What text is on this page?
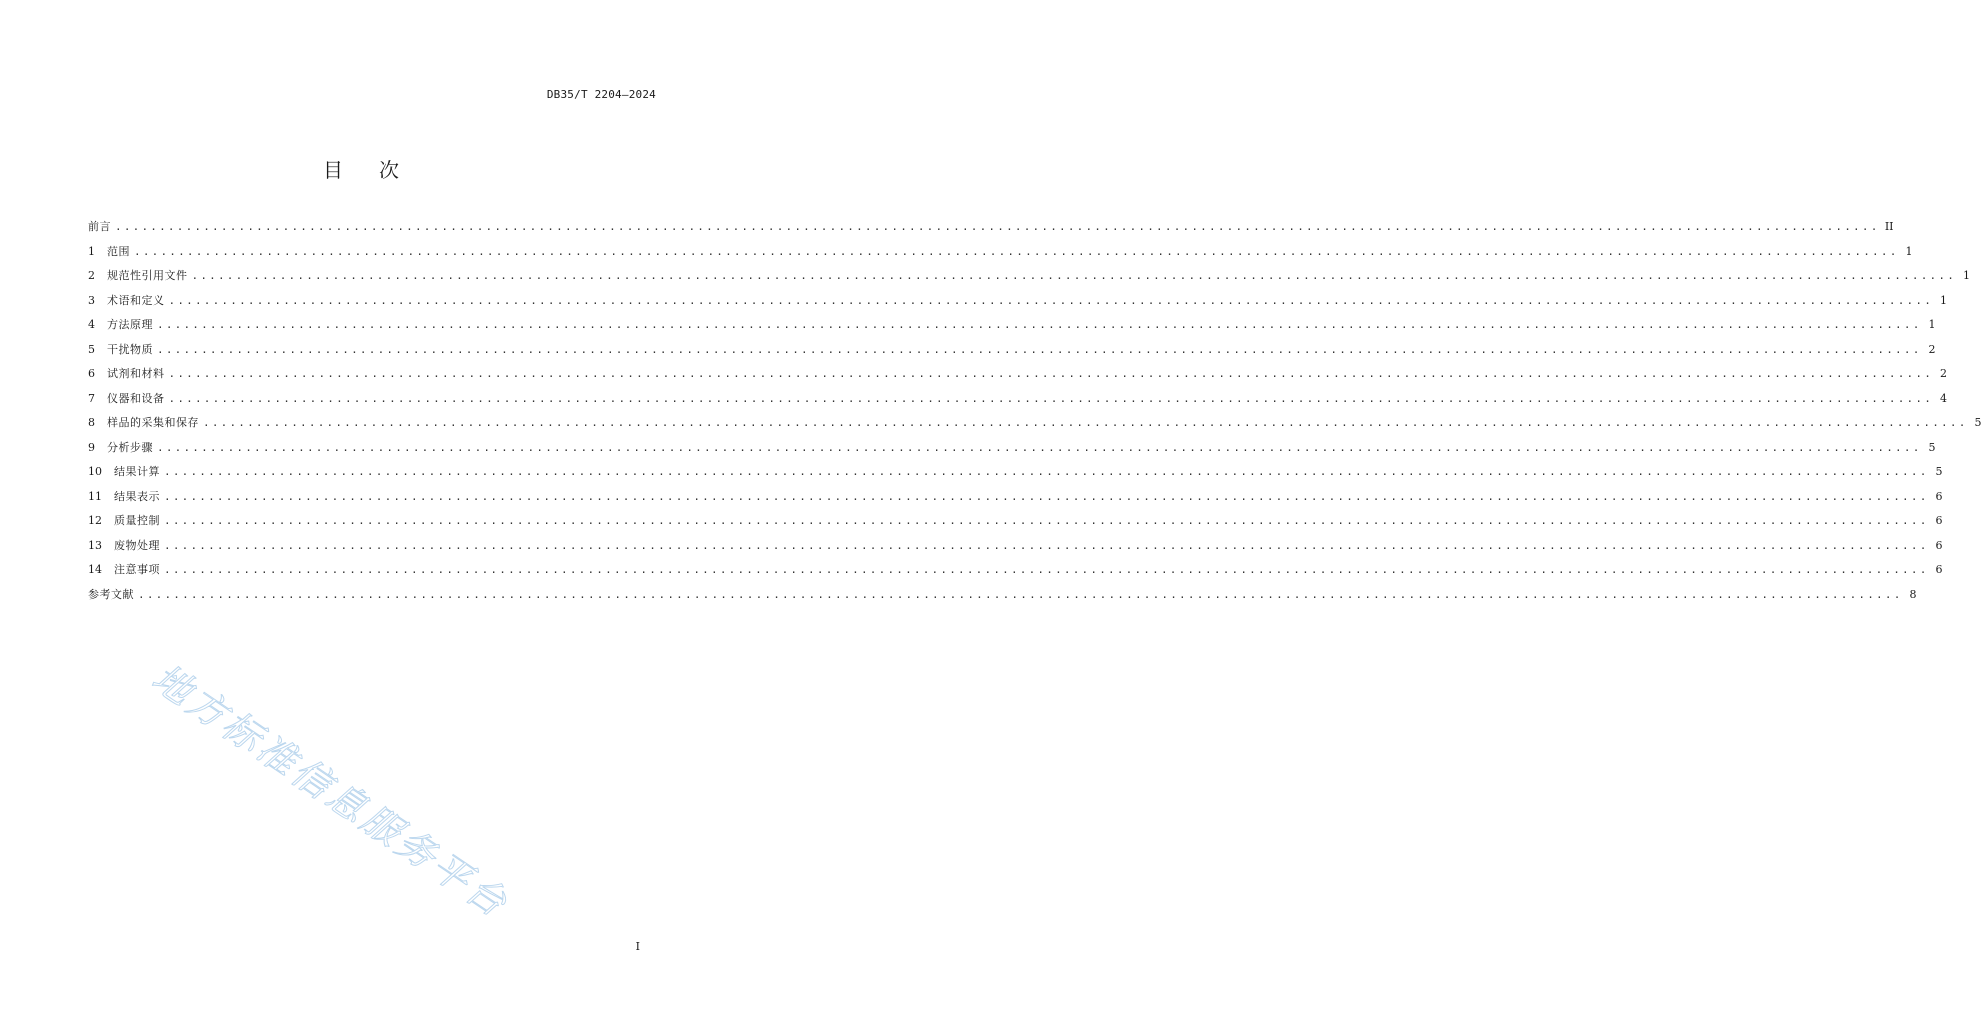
DB35/T 2204—2024
目 次
前言 ........................................................................................................................................................................................................ II
1	范围 ........................................................................................................................................................................................................ 1
2	规范性引用文件 ........................................................................................................................................................................................................ 1
3	术语和定义 ........................................................................................................................................................................................................ 1
4	方法原理 ........................................................................................................................................................................................................ 1
5	干扰物质 ........................................................................................................................................................................................................ 2
6	试剂和材料 ........................................................................................................................................................................................................ 2
7	仪器和设备 ........................................................................................................................................................................................................ 4
8	样品的采集和保存 ........................................................................................................................................................................................................ 5
9	分析步骤 ........................................................................................................................................................................................................ 5
10	结果计算 ........................................................................................................................................................................................................ 5
11	结果表示 ........................................................................................................................................................................................................ 6
12	质量控制 ........................................................................................................................................................................................................ 6
13	废物处理 ........................................................................................................................................................................................................ 6
14	注意事项 ........................................................................................................................................................................................................ 6
参考文献 ........................................................................................................................................................................................................ 8
地方标准信息服务平台
I
